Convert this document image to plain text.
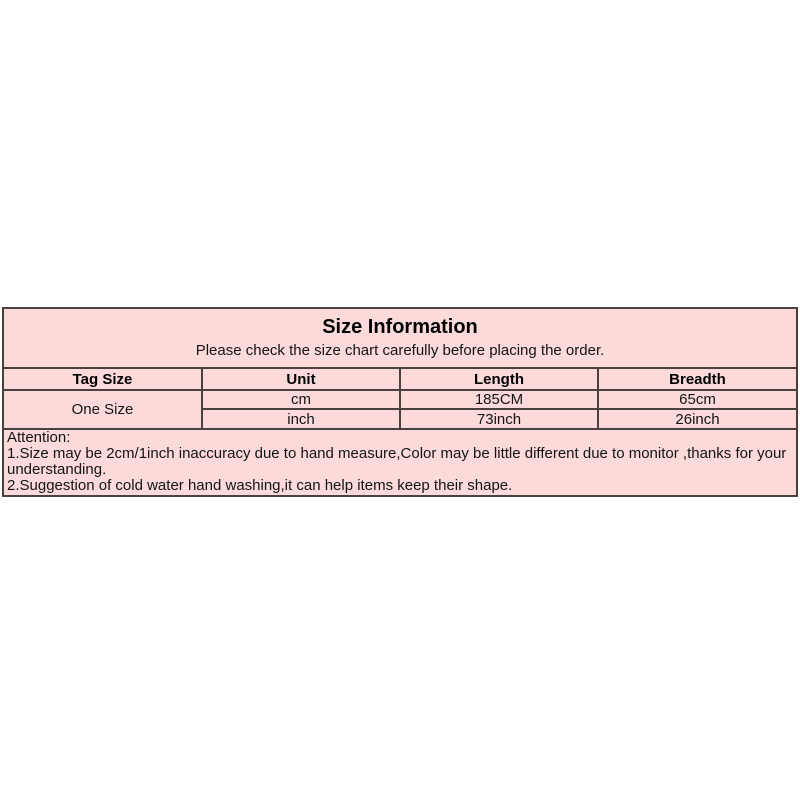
Size Information
Please check the size chart carefully before placing the order.
Tag Size	Unit	Length	Breadth
One Size	cm	185CM	65cm
	inch	73inch	26inch
Attention:
1.Size may be 2cm/1inch inaccuracy due to hand measure,Color may be little different due to monitor ,thanks for your understanding.
2.Suggestion of cold water hand washing,it can help items keep their shape.
